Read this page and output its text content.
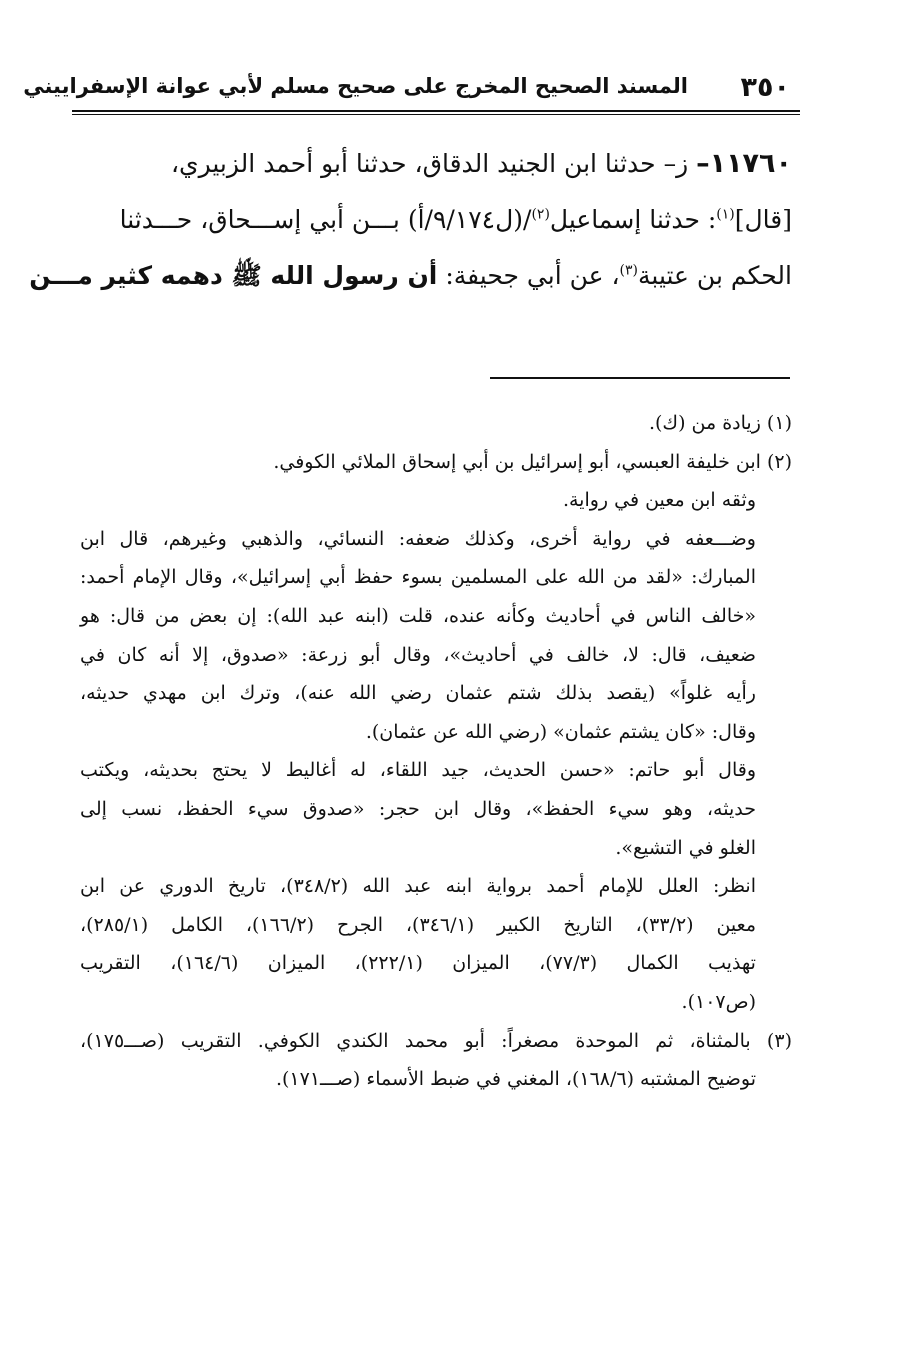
٣٥٠
المسند الصحيح المخرج على صحيح مسلم لأبي عوانة الإسفراييني
١١٧٦٠– ز– حدثنا ابن الجنيد الدقاق، حدثنا أبو أحمد الزبيري،
[قال]$^{(١)}$: حدثنا إسماعيل$^{(٢)}$/(ل٩/١٧٤/أ) بـــن أبي إســـحاق، حـــدثنا
الحكم بن عتيبة$^{(٣)}$، عن أبي جحيفة: أن رسول الله ﷺ دهمه كثير مـــن
(١) زيادة من (ك).
(٢) ابن خليفة العبسي، أبو إسرائيل بن أبي إسحاق الملائي الكوفي.
وثقه ابن معين في رواية.
وضـــعفه في رواية أخرى، وكذلك ضعفه: النسائي، والذهبي وغيرهم، قال ابن
المبارك: «لقد من الله على المسلمين بسوء حفظ أبي إسرائيل»، وقال الإمام أحمد:
«خالف الناس في أحاديث وكأنه عنده، قلت (ابنه عبد الله): إن بعض من قال: هو
ضعيف، قال: لا، خالف في أحاديث»، وقال أبو زرعة: «صدوق، إلا أنه كان في
رأيه غلواً» (يقصد بذلك شتم عثمان رضي الله عنه)، وترك ابن مهدي حديثه،
وقال: «كان يشتم عثمان» (رضي الله عن عثمان).
وقال أبو حاتم: «حسن الحديث، جيد اللقاء، له أغاليط لا يحتج بحديثه، ويكتب
حديثه، وهو سيء الحفظ»، وقال ابن حجر: «صدوق سيء الحفظ، نسب إلى
الغلو في التشيع».
انظر: العلل للإمام أحمد برواية ابنه عبد الله (٣٤٨/٢)، تاريخ الدوري عن ابن
معين (٣٣/٢)، التاريخ الكبير (٣٤٦/١)، الجرح (١٦٦/٢)، الكامل (٢٨٥/١)،
تهذيب الكمال (٧٧/٣)، الميزان (٢٢٢/١)، الميزان (١٦٤/٦)، التقريب
(ص١٠٧).
(٣) بالمثناة، ثم الموحدة مصغراً: أبو محمد الكندي الكوفي. التقريب (صـــ١٧٥)،
توضيح المشتبه (١٦٨/٦)، المغني في ضبط الأسماء (صـــ١٧١).
